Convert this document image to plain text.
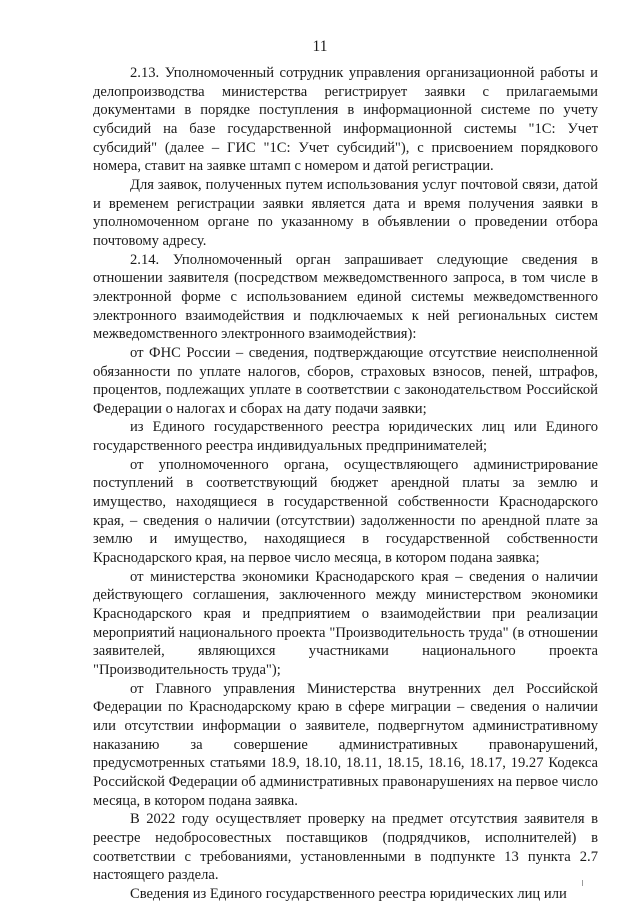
11

2.13. Уполномоченный сотрудник управления организационной работы и делопроизводства министерства регистрирует заявки с прилагаемыми документами в порядке поступления в информационной системе по учету субсидий на базе государственной информационной системы "1С: Учет субсидий" (далее – ГИС "1С: Учет субсидий"), с присвоением порядкового номера, ставит на заявке штамп с номером и датой регистрации.

Для заявок, полученных путем использования услуг почтовой связи, датой и временем регистрации заявки является дата и время получения заявки в уполномоченном органе по указанному в объявлении о проведении отбора почтовому адресу.

2.14. Уполномоченный орган запрашивает следующие сведения в отношении заявителя (посредством межведомственного запроса, в том числе в электронной форме с использованием единой системы межведомственного электронного взаимодействия и подключаемых к ней региональных систем межведомственного электронного взаимодействия):

от ФНС России – сведения, подтверждающие отсутствие неисполненной обязанности по уплате налогов, сборов, страховых взносов, пеней, штрафов, процентов, подлежащих уплате в соответствии с законодательством Российской Федерации о налогах и сборах на дату подачи заявки;

из Единого государственного реестра юридических лиц или Единого государственного реестра индивидуальных предпринимателей;

от уполномоченного органа, осуществляющего администрирование поступлений в соответствующий бюджет арендной платы за землю и имущество, находящиеся в государственной собственности Краснодарского края, – сведения о наличии (отсутствии) задолженности по арендной плате за землю и имущество, находящиеся в государственной собственности Краснодарского края, на первое число месяца, в котором подана заявка;

от министерства экономики Краснодарского края – сведения о наличии действующего соглашения, заключенного между министерством экономики Краснодарского края и предприятием о взаимодействии при реализации мероприятий национального проекта "Производительность труда" (в отношении заявителей, являющихся участниками национального проекта "Производительность труда");

от Главного управления Министерства внутренних дел Российской Федерации по Краснодарскому краю в сфере миграции – сведения о наличии или отсутствии информации о заявителе, подвергнутом административному наказанию за совершение административных правонарушений, предусмотренных статьями 18.9, 18.10, 18.11, 18.15, 18.16, 18.17, 19.27 Кодекса Российской Федерации об административных правонарушениях на первое число месяца, в котором подана заявка.

В 2022 году осуществляет проверку на предмет отсутствия заявителя в реестре недобросовестных поставщиков (подрядчиков, исполнителей) в соответствии с требованиями, установленными в подпункте 13 пункта 2.7 настоящего раздела.

Сведения из Единого государственного реестра юридических лиц или
